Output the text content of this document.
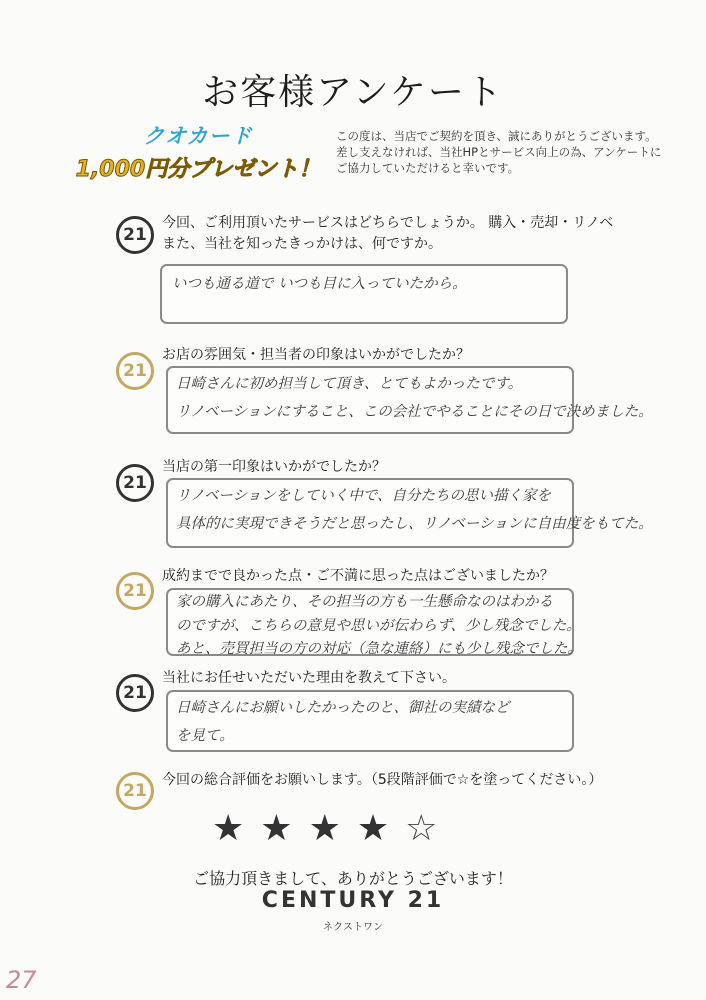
お客様アンケート
クオカード
1,000円分プレゼント！
この度は、当店でご契約を頂き、誠にありがとうございます。差し支えなければ、当社HPとサービス向上の為、アンケートにご協力していただけると幸いです。
21
今回、ご利用頂いたサービスはどちらでしょうか。 購入・売却・リノベ
また、当社を知ったきっかけは、何ですか。
いつも通る道で いつも目に入っていたから。
21
お店の雰囲気・担当者の印象はいかがでしたか？
日崎さんに初め担当して頂き、とてもよかったです。
リノベーションにすること、この会社でやることにその日で決めました。
21
当店の第一印象はいかがでしたか？
リノベーションをしていく中で、自分たちの思い描く家を
具体的に実現できそうだと思ったし、リノベーションに自由度をもてた。
21
成約までで良かった点・ご不満に思った点はございましたか？
家の購入にあたり、その担当の方も一生懸命なのはわかる
のですが、こちらの意見や思いが伝わらず、少し残念でした。
あと、売買担当の方の対応（急な連絡）にも少し残念でした。
21
当社にお任せいただいた理由を教えて下さい。
日崎さんにお願いしたかったのと、御社の実績など
を見て。
21
今回の総合評価をお願いします。（5段階評価で☆を塗ってください。）
★★★★☆
ご協力頂きまして、ありがとうございます！
CENTURY 21
ネクストワン
27
